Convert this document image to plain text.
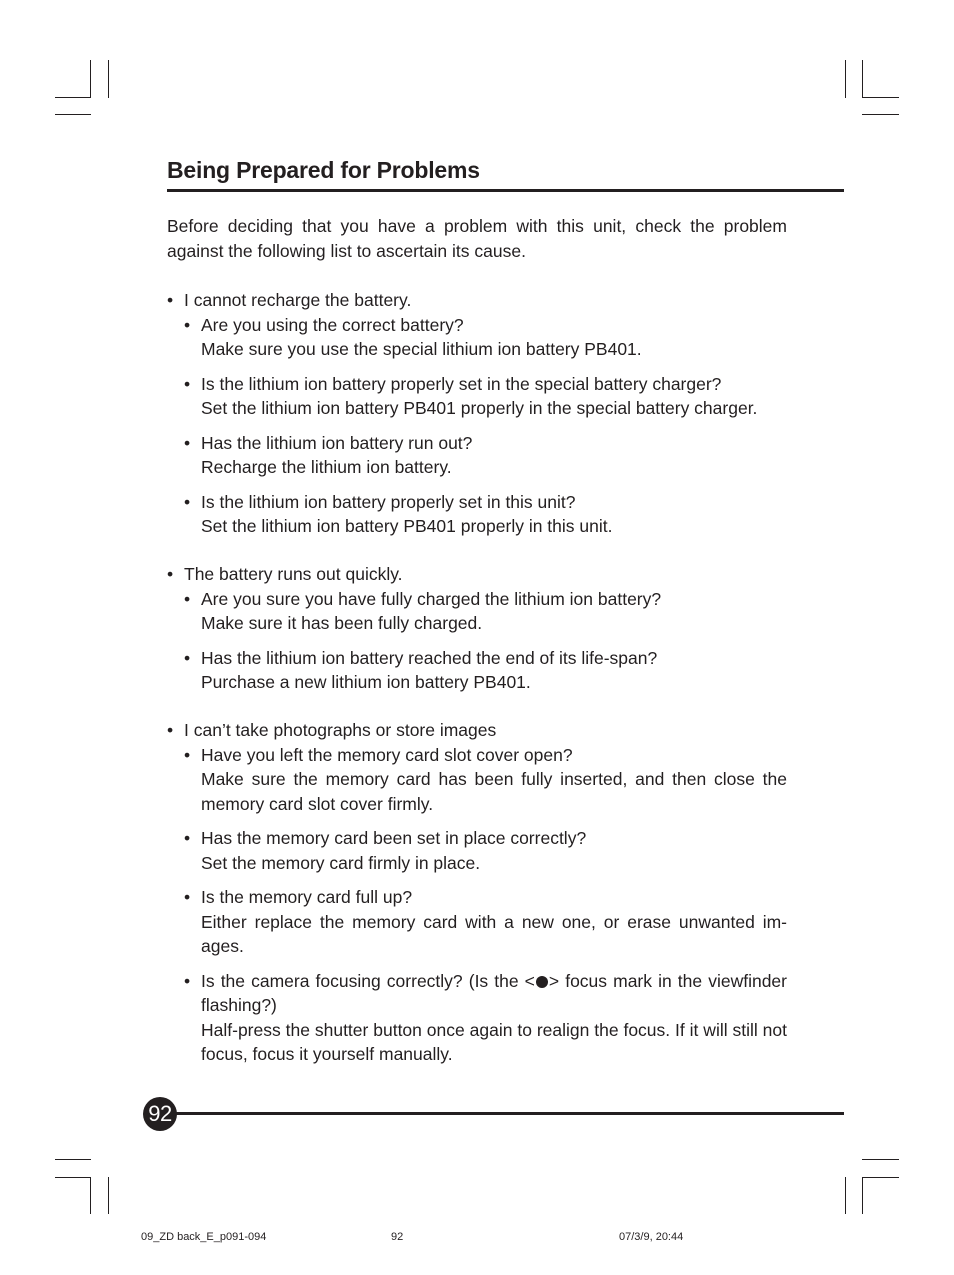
Being Prepared for Problems

Before deciding that you have a problem with this unit, check the problem against the following list to ascertain its cause.

• I cannot recharge the battery.
• Are you using the correct battery?
Make sure you use the special lithium ion battery PB401.
• Is the lithium ion battery properly set in the special battery charger?
Set the lithium ion battery PB401 properly in the special battery charger.
• Has the lithium ion battery run out?
Recharge the lithium ion battery.
• Is the lithium ion battery properly set in this unit?
Set the lithium ion battery PB401 properly in this unit.
• The battery runs out quickly.
• Are you sure you have fully charged the lithium ion battery?
Make sure it has been fully charged.
• Has the lithium ion battery reached the end of its life-span?
Purchase a new lithium ion battery PB401.
• I can’t take photographs or store images
• Have you left the memory card slot cover open?
Make sure the memory card has been fully inserted, and then close the memory card slot cover firmly.
• Has the memory card been set in place correctly?
Set the memory card firmly in place.
• Is the memory card full up?
Either replace the memory card with a new one, or erase unwanted im-ages.
• Is the camera focusing correctly? (Is the < > focus mark in the viewfinder flashing?)
Half-press the shutter button once again to realign the focus. If it will still not focus, focus it yourself manually.
92
09_ZD back_E_p091-094	92	07/3/9, 20:44
